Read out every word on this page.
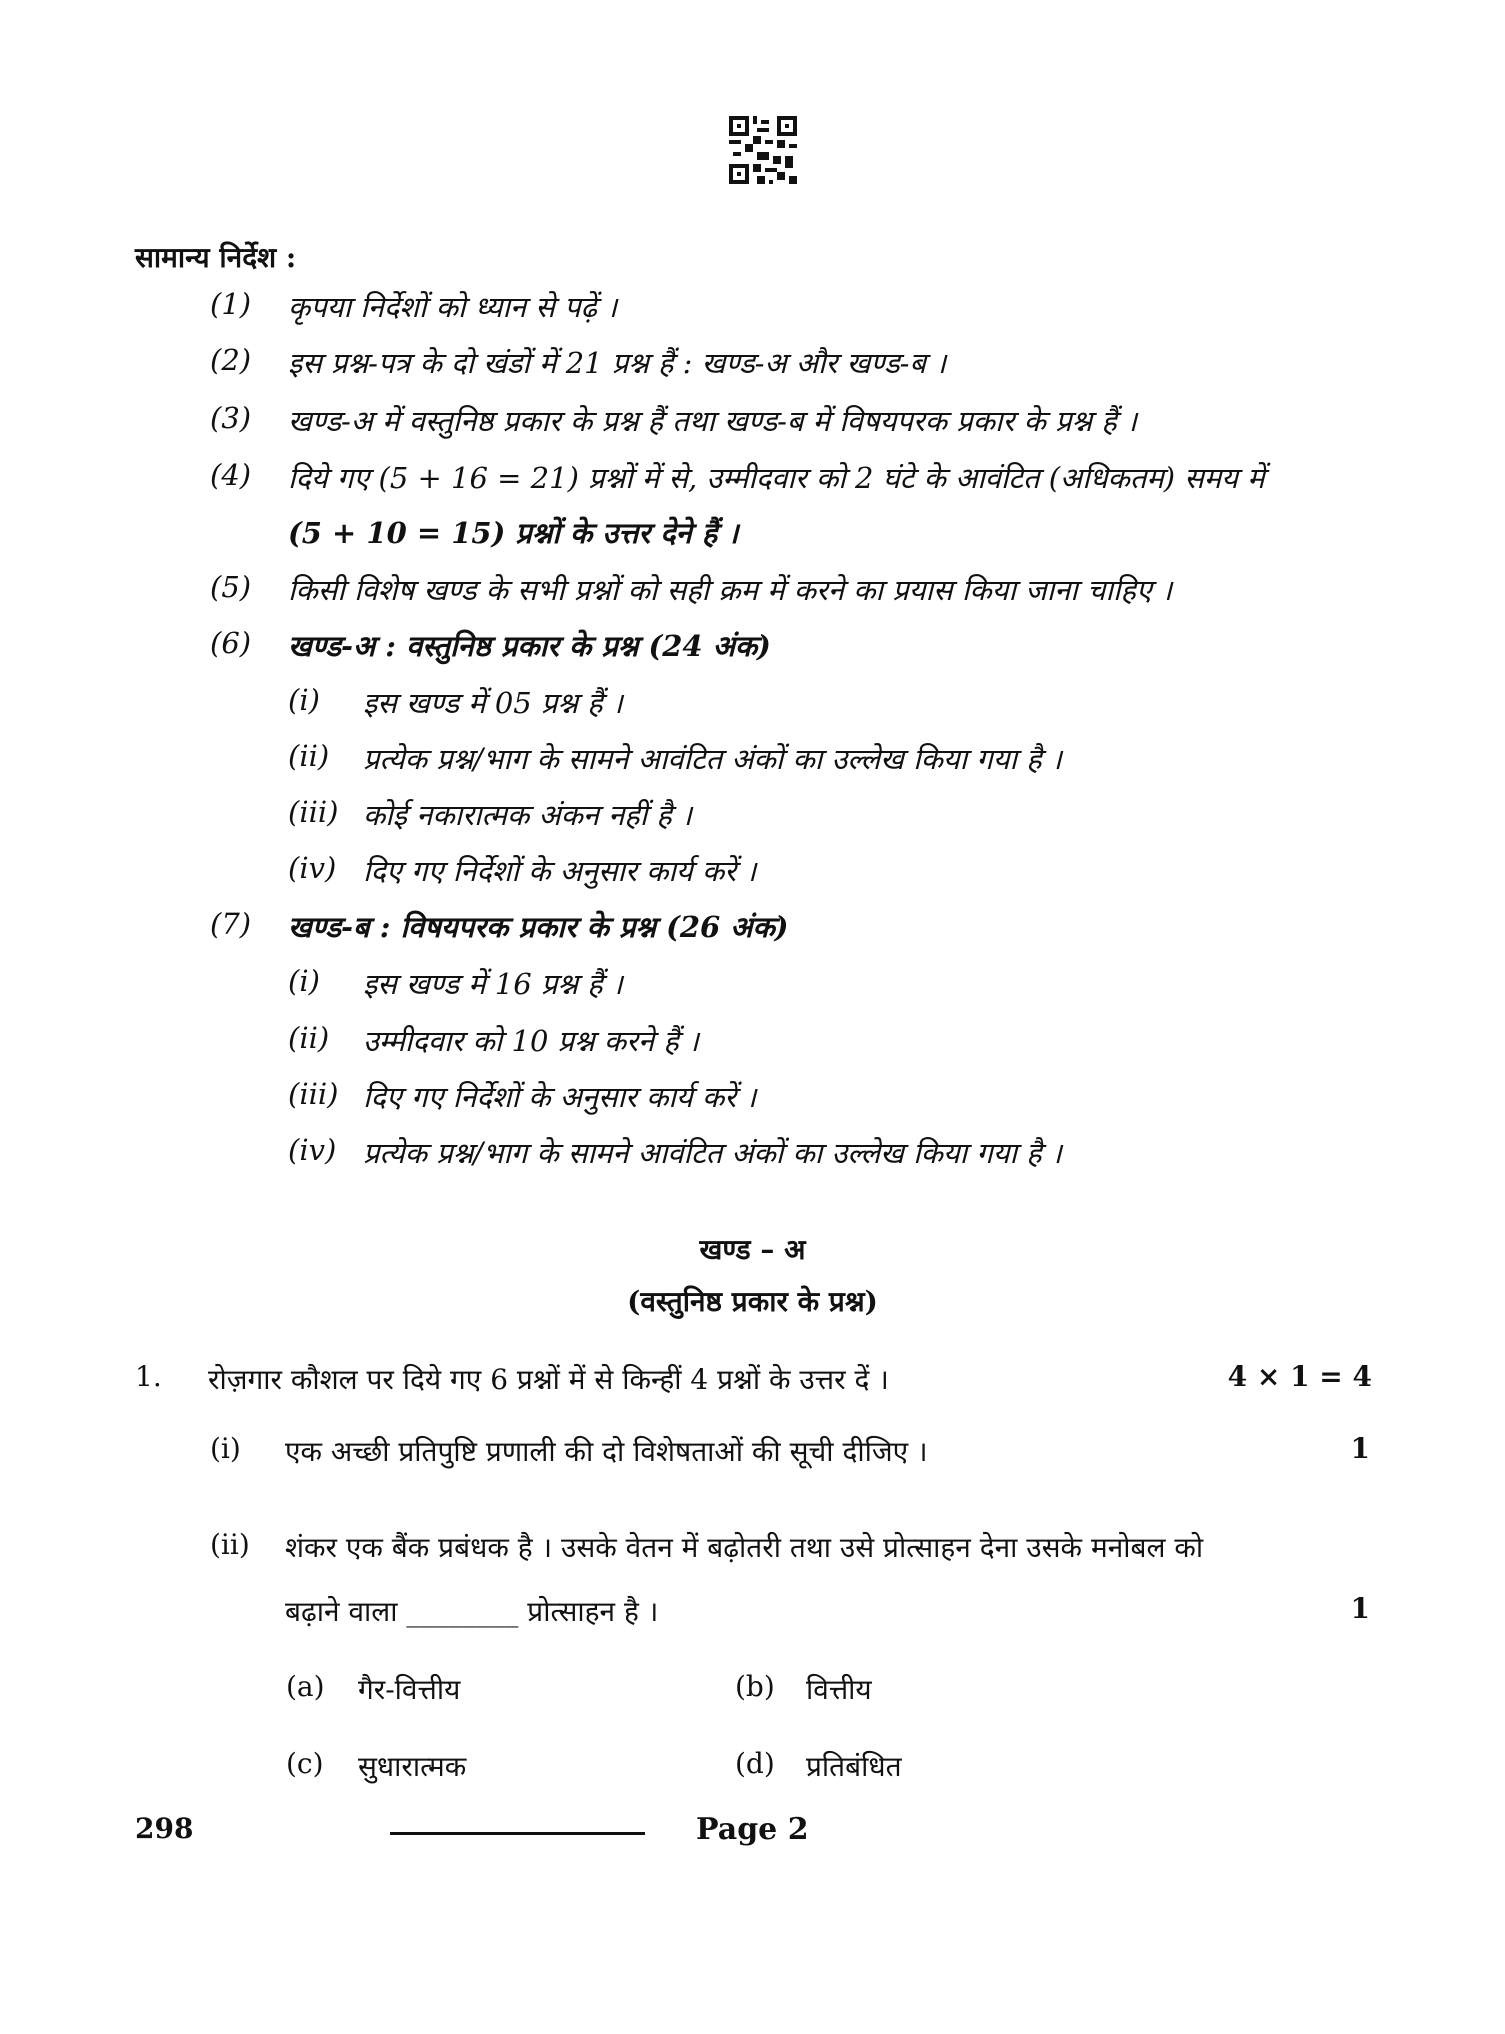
सामान्य निर्देश :
(1) कृपया निर्देशों को ध्यान से पढ़ें ।
(2) इस प्रश्न-पत्र के दो खंडों में 21 प्रश्न हैं : खण्ड-अ और खण्ड-ब ।
(3) खण्ड-अ में वस्तुनिष्ठ प्रकार के प्रश्न हैं तथा खण्ड-ब में विषयपरक प्रकार के प्रश्न हैं ।
(4) दिये गए (5 + 16 = 21) प्रश्नों में से, उम्मीदवार को 2 घंटे के आवंटित (अधिकतम) समय में
(5 + 10 = 15) प्रश्नों के उत्तर देने हैं ।
(5) किसी विशेष खण्ड के सभी प्रश्नों को सही क्रम में करने का प्रयास किया जाना चाहिए ।
(6) खण्ड-अ : वस्तुनिष्ठ प्रकार के प्रश्न (24 अंक)
(i) इस खण्ड में 05 प्रश्न हैं ।
(ii) प्रत्येक प्रश्न/भाग के सामने आवंटित अंकों का उल्लेख किया गया है ।
(iii) कोई नकारात्मक अंकन नहीं है ।
(iv) दिए गए निर्देशों के अनुसार कार्य करें ।
(7) खण्ड-ब : विषयपरक प्रकार के प्रश्न (26 अंक)
(i) इस खण्ड में 16 प्रश्न हैं ।
(ii) उम्मीदवार को 10 प्रश्न करने हैं ।
(iii) दिए गए निर्देशों के अनुसार कार्य करें ।
(iv) प्रत्येक प्रश्न/भाग के सामने आवंटित अंकों का उल्लेख किया गया है ।
खण्ड – अ
(वस्तुनिष्ठ प्रकार के प्रश्न)
1. रोज़गार कौशल पर दिये गए 6 प्रश्नों में से किन्हीं 4 प्रश्नों के उत्तर दें ।	4 × 1 = 4
(i) एक अच्छी प्रतिपुष्टि प्रणाली की दो विशेषताओं की सूची दीजिए ।	1
(ii) शंकर एक बैंक प्रबंधक है । उसके वेतन में बढ़ोतरी तथा उसे प्रोत्साहन देना उसके मनोबल को
बढ़ाने वाला ________ प्रोत्साहन है ।	1
(a) गैर-वित्तीय	(b) वित्तीय
(c) सुधारात्मक	(d) प्रतिबंधित
298	Page 2
